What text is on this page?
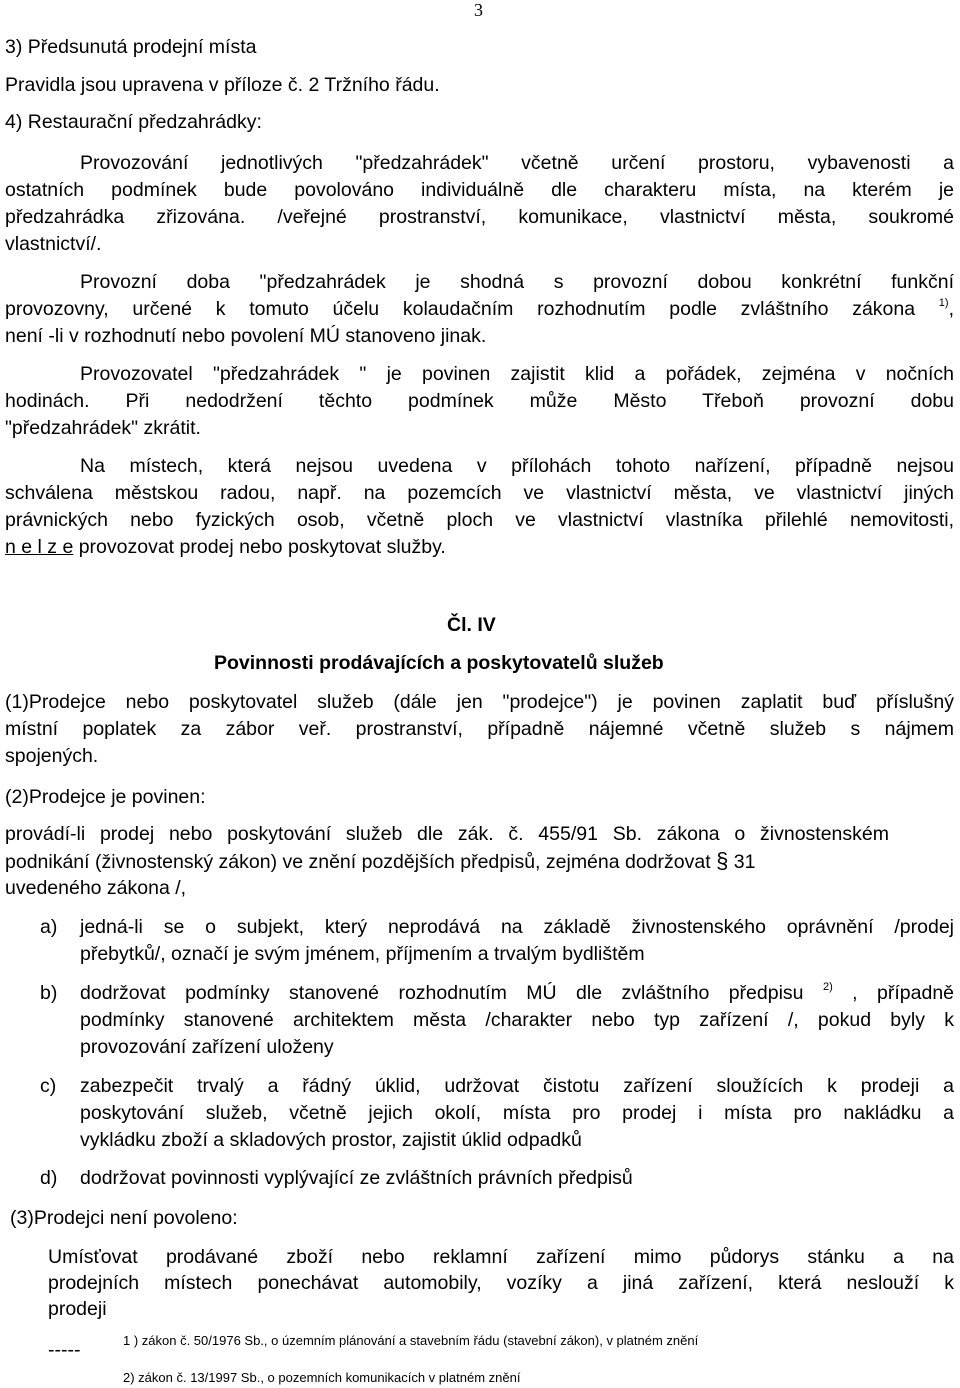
3
3) Předsunutá prodejní místa
Pravidla jsou upravena v příloze č. 2 Tržního řádu.
4) Restaurační předzahrádky:
Provozování jednotlivých "předzahrádek" včetně určení prostoru, vybavenosti a
ostatních podmínek bude povolováno individuálně dle charakteru místa, na kterém je
předzahrádka zřizována. /veřejné prostranství, komunikace, vlastnictví města, soukromé
vlastnictví/.
Provozní doba "předzahrádek je shodná s provozní dobou konkrétní funkční
provozovny, určené k tomuto účelu kolaudačním rozhodnutím podle zvláštního zákona $^{1)}$,
není -li v rozhodnutí nebo povolení MÚ stanoveno jinak.
Provozovatel "předzahrádek " je povinen zajistit klid a pořádek, zejména v nočních
hodinách. Při nedodržení těchto podmínek může Město Třeboň provozní dobu
"předzahrádek" zkrátit.
Na místech, která nejsou uvedena v přílohách tohoto nařízení, případně nejsou
schválena městskou radou, např. na pozemcích ve vlastnictví města, ve vlastnictví jiných
právnických nebo fyzických osob, včetně ploch ve vlastnictví vlastníka přilehlé nemovitosti,
n e l z e provozovat prodej nebo poskytovat služby.
Čl. IV
Povinnosti prodávajících a poskytovatelů služeb
(1)Prodejce nebo poskytovatel služeb (dále jen "prodejce") je povinen zaplatit buď příslušný
místní poplatek za zábor veř. prostranství, případně nájemné včetně služeb s nájmem
spojených.
(2)Prodejce je povinen:
provádí-li prodej nebo poskytování služeb dle zák. č. 455/91 Sb. zákona o živnostenském
podnikání (živnostenský zákon) ve znění pozdějších předpisů, zejména dodržovat § 31
uvedeného zákona /,
a) jedná-li se o subjekt, který neprodává na základě živnostenského oprávnění /prodej
přebytků/, označí je svým jménem, příjmením a trvalým bydlištěm
b) dodržovat podmínky stanovené rozhodnutím MÚ dle zvláštního předpisu $^{2)}$ , případně
podmínky stanovené architektem města /charakter nebo typ zařízení /, pokud byly k
provozování zařízení uloženy
c) zabezpečit trvalý a řádný úklid, udržovat čistotu zařízení sloužících k prodeji a
poskytování služeb, včetně jejich okolí, místa pro prodej i místa pro nakládku a
vykládku zboží a skladových prostor, zajistit úklid odpadků
d) dodržovat povinnosti vyplývající ze zvláštních právních předpisů
(3)Prodejci není povoleno:
Umísťovat prodávané zboží nebo reklamní zařízení mimo půdorys stánku a na
prodejních místech ponechávat automobily, vozíky a jiná zařízení, která neslouží k
prodeji
-----	1 ) zákon č. 50/1976 Sb., o územním plánování a stavebním řádu (stavební zákon), v platném znění
2) zákon č. 13/1997 Sb., o pozemních komunikacích v platném znění
